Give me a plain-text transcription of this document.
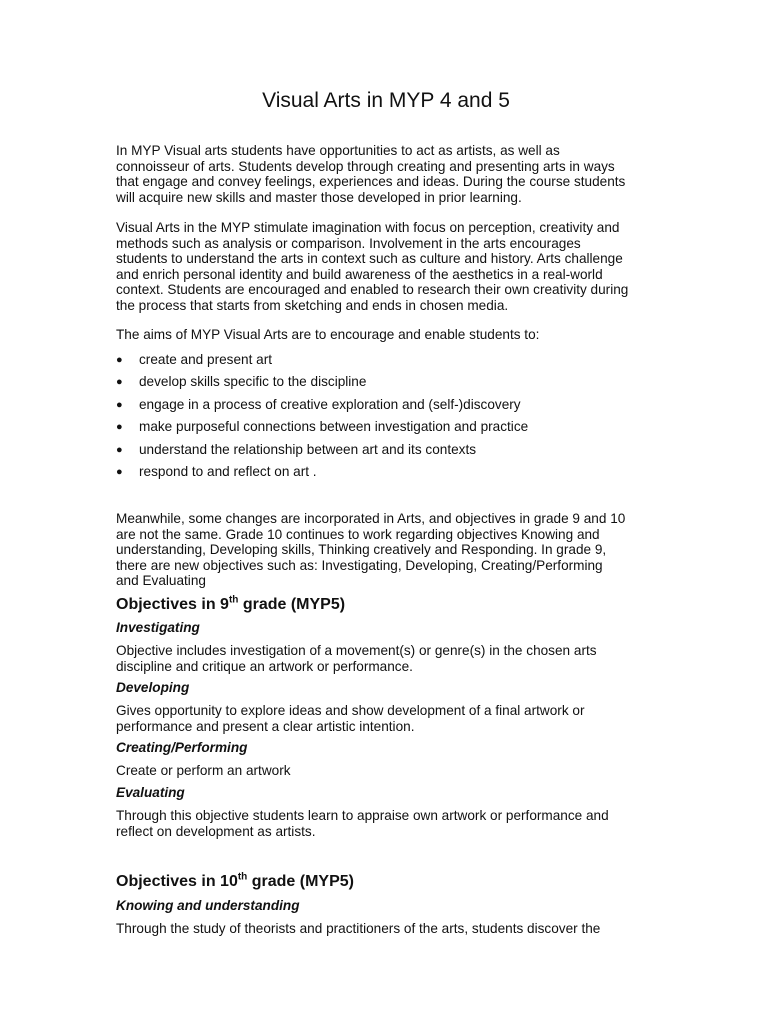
Visual Arts in MYP 4 and 5

In MYP Visual arts students have opportunities to act as artists, as well as
connoisseur of arts. Students develop through creating and presenting arts in ways
that engage and convey feelings, experiences and ideas. During the course students
will acquire new skills and master those developed in prior learning.

Visual Arts in the MYP stimulate imagination with focus on perception, creativity and
methods such as analysis or comparison. Involvement in the arts encourages
students to understand the arts in context such as culture and history. Arts challenge
and enrich personal identity and build awareness of the aesthetics in a real-world
context. Students are encouraged and enabled to research their own creativity during
the process that starts from sketching and ends in chosen media.

The aims of MYP Visual Arts are to encourage and enable students to:

● create and present art
● develop skills specific to the discipline
● engage in a process of creative exploration and (self-)discovery
● make purposeful connections between investigation and practice
● understand the relationship between art and its contexts
● respond to and reflect on art .

Meanwhile, some changes are incorporated in Arts, and objectives in grade 9 and 10
are not the same. Grade 10 continues to work regarding objectives Knowing and
understanding, Developing skills, Thinking creatively and Responding. In grade 9,
there are new objectives such as: Investigating, Developing, Creating/Performing
and Evaluating

Objectives in 9th grade (MYP5)
Investigating

Objective includes investigation of a movement(s) or genre(s) in the chosen arts
discipline and critique an artwork or performance.

Developing

Gives opportunity to explore ideas and show development of a final artwork or
performance and present a clear artistic intention.

Creating/Performing

Create or perform an artwork

Evaluating

Through this objective students learn to appraise own artwork or performance and
reflect on development as artists.

Objectives in 10th grade (MYP5)
Knowing and understanding

Through the study of theorists and practitioners of the arts, students discover the
